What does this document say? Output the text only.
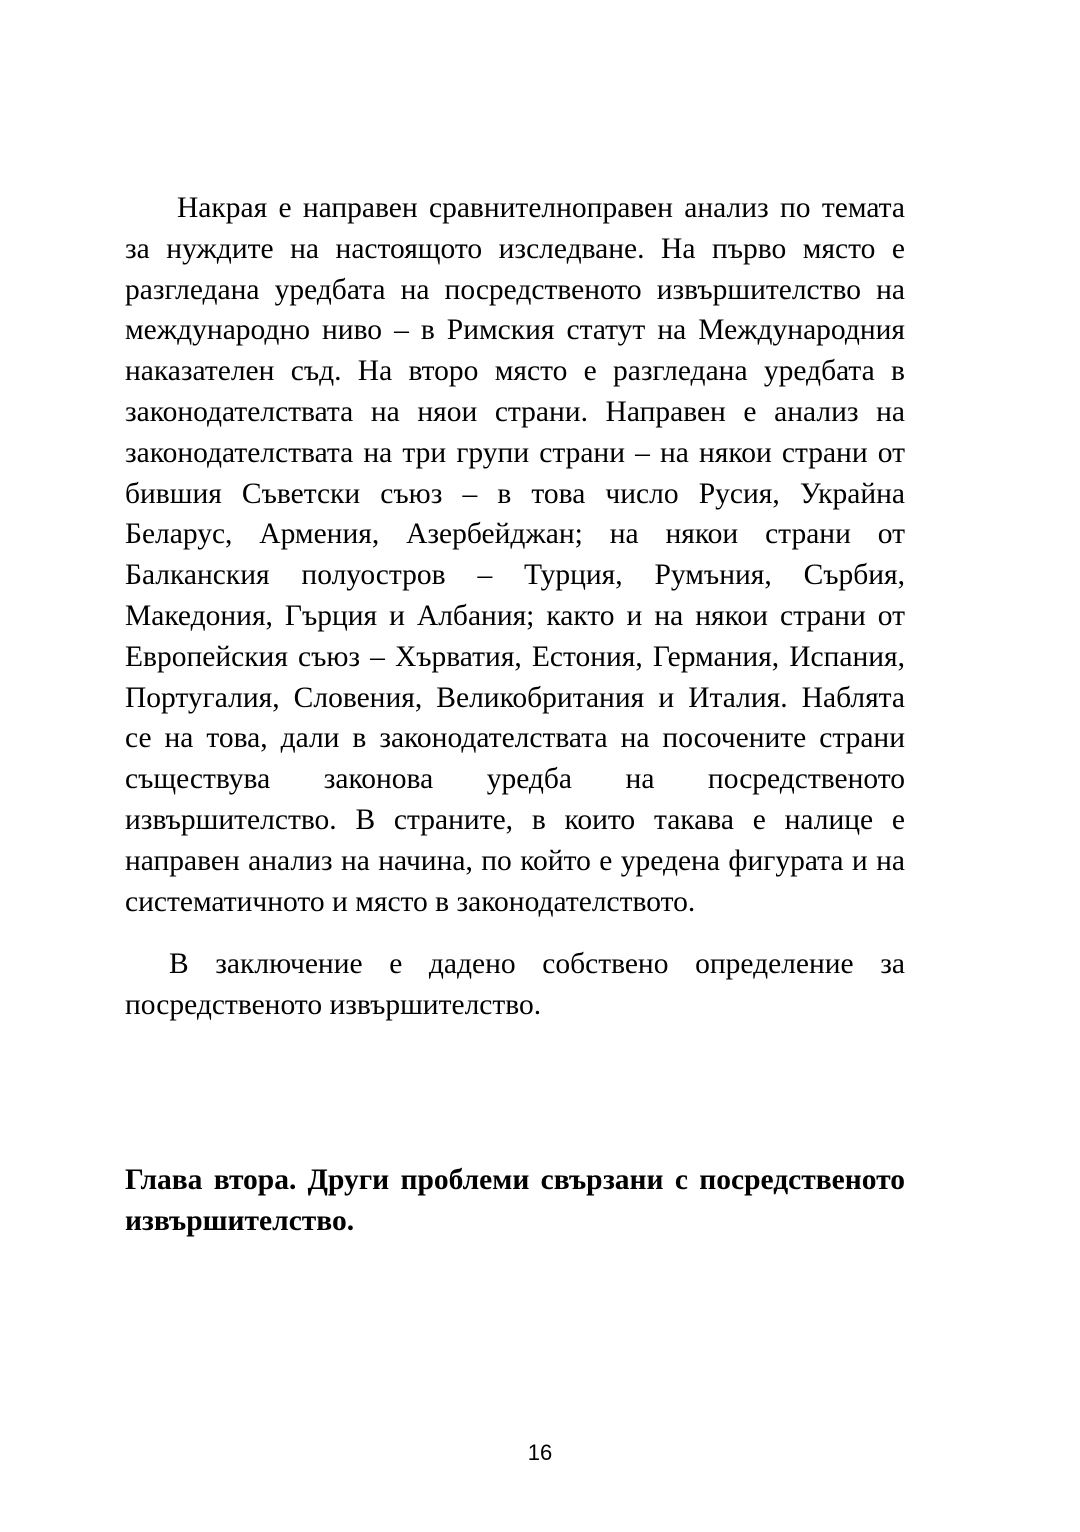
Накрая е направен сравнителноправен анализ по темата за нуждите на настоящото изследване. На първо място е разгледана уредбата на посредственото извършителство на международно ниво – в Римския статут на Международния наказателен съд. На второ място е разгледана уредбата в законодателствата на няои страни. Направен е анализ на законодателствата на три групи страни – на някои страни от бившия Съветски съюз – в това число Русия, Украйна Беларус, Армения, Азербейджан; на някои страни от Балканския полуостров – Турция, Румъния, Сърбия, Македония, Гърция и Албания; както и на някои страни от Европейския съюз – Хърватия, Естония, Германия, Испания, Португалия, Словения, Великобритания и Италия. Наблята се на това, дали в законодателствата на посочените страни съществува законова уредба на посредственото извършителство. В страните, в които такава е налице е направен анализ на начина, по който е уредена фигурата и на систематичното и място в законодателството.

В заключение е дадено собствено определение за посредственото извършителство.

Глава втора. Други проблеми свързани с посредственото извършителство.

16
